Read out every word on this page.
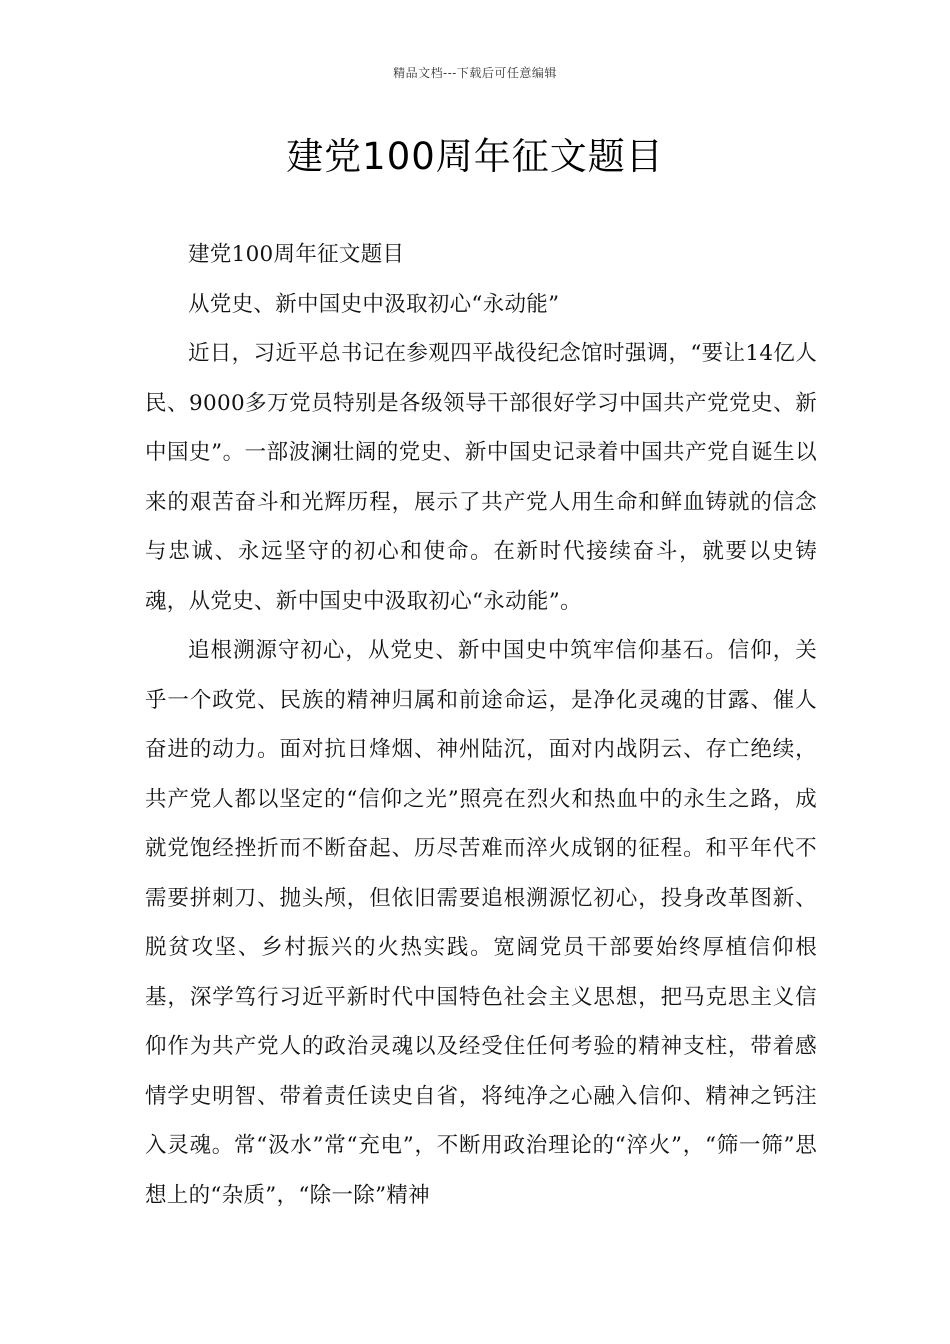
精品文档---下载后可任意编辑
建党100周年征文题目

建党100周年征文题目

从党史、新中国史中汲取初心“永动能”

近日，习近平总书记在参观四平战役纪念馆时强调，“要让14亿人民、9000多万党员特别是各级领导干部很好学习中国共产党党史、新中国史”。一部波澜壮阔的党史、新中国史记录着中国共产党自诞生以来的艰苦奋斗和光辉历程，展示了共产党人用生命和鲜血铸就的信念与忠诚、永远坚守的初心和使命。在新时代接续奋斗，就要以史铸魂，从党史、新中国史中汲取初心“永动能”。

追根溯源守初心，从党史、新中国史中筑牢信仰基石。信仰，关乎一个政党、民族的精神归属和前途命运，是净化灵魂的甘露、催人奋进的动力。面对抗日烽烟、神州陆沉，面对内战阴云、存亡绝续，共产党人都以坚定的“信仰之光”照亮在烈火和热血中的永生之路，成就党饱经挫折而不断奋起、历尽苦难而淬火成钢的征程。和平年代不需要拼刺刀、抛头颅，但依旧需要追根溯源忆初心，投身改革图新、脱贫攻坚、乡村振兴的火热实践。宽阔党员干部要始终厚植信仰根基，深学笃行习近平新时代中国特色社会主义思想，把马克思主义信仰作为共产党人的政治灵魂以及经受住任何考验的精神支柱，带着感情学史明智、带着责任读史自省，将纯净之心融入信仰、精神之钙注入灵魂。常“汲水”常“充电”，不断用政治理论的“淬火”，“筛一筛”思想上的“杂质”，“除一除”精神
